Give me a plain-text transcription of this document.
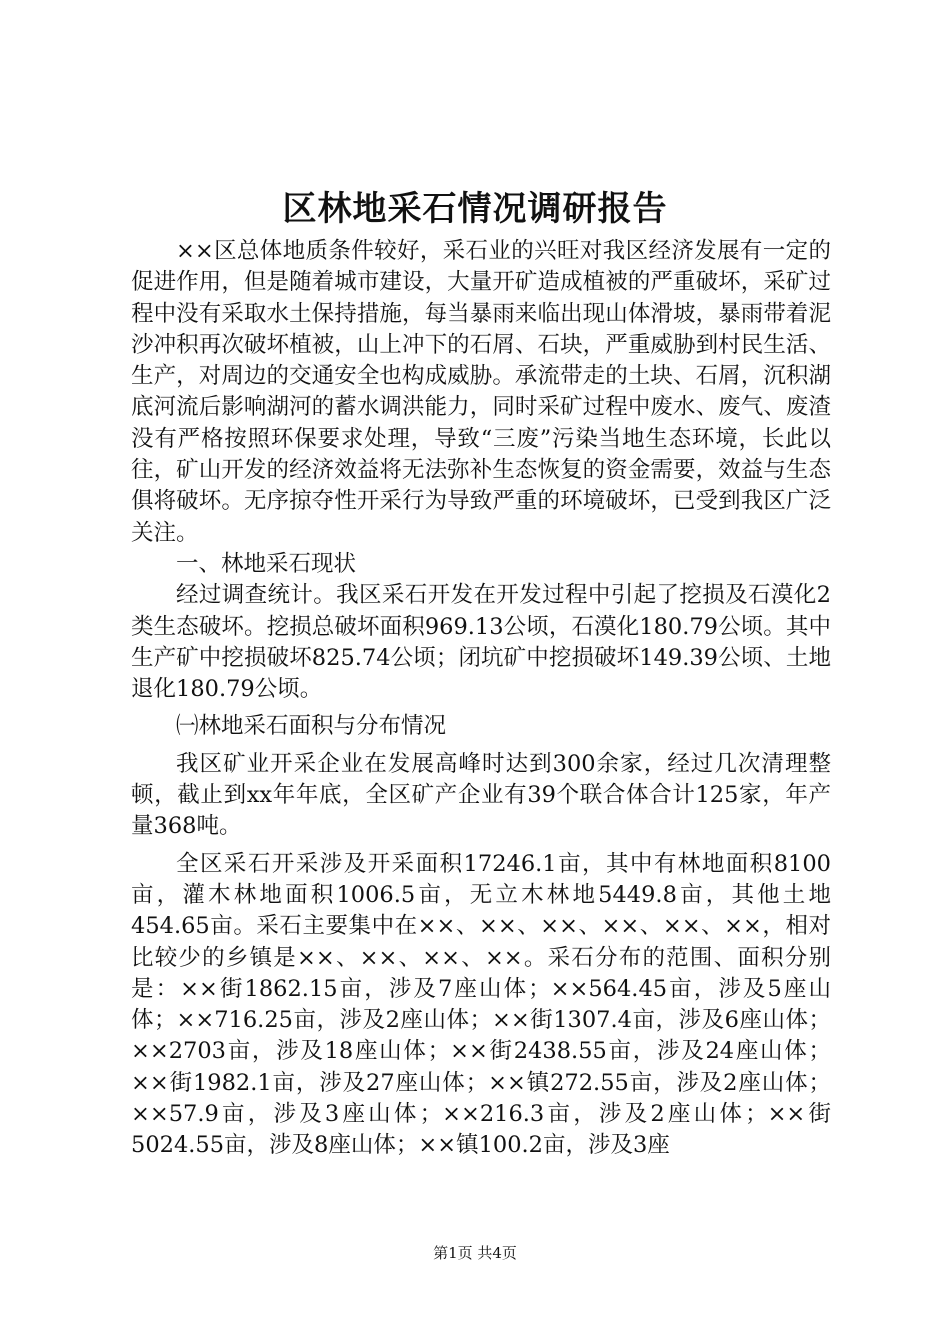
区林地采石情况调研报告

××区总体地质条件较好，采石业的兴旺对我区经济发展有一定的促进作用，但是随着城市建设，大量开矿造成植被的严重破坏，采矿过程中没有采取水土保持措施，每当暴雨来临出现山体滑坡，暴雨带着泥沙冲积再次破坏植被，山上冲下的石屑、石块，严重威胁到村民生活、生产，对周边的交通安全也构成威胁。承流带走的土块、石屑，沉积湖底河流后影响湖河的蓄水调洪能力，同时采矿过程中废水、废气、废渣没有严格按照环保要求处理，导致“三废”污染当地生态环境，长此以往，矿山开发的经济效益将无法弥补生态恢复的资金需要，效益与生态俱将破坏。无序掠夺性开采行为导致严重的环境破坏，已受到我区广泛关注。

一、林地采石现状

经过调查统计。我区采石开发在开发过程中引起了挖损及石漠化2类生态破坏。挖损总破坏面积969.13公顷，石漠化180.79公顷。其中生产矿中挖损破坏825.74公顷；闭坑矿中挖损破坏149.39公顷、土地退化180.79公顷。

㈠林地采石面积与分布情况

我区矿业开采企业在发展高峰时达到300余家，经过几次清理整顿，截止到xx年年底，全区矿产企业有39个联合体合计125家，年产量368吨。

全区采石开采涉及开采面积17246.1亩，其中有林地面积8100亩，灌木林地面积1006.5亩，无立木林地5449.8亩，其他土地454.65亩。采石主要集中在××、××、××、××、××、××，相对比较少的乡镇是××、××、××、××。采石分布的范围、面积分别是：××街1862.15亩，涉及7座山体；××564.45亩，涉及5座山体；××716.25亩，涉及2座山体；××街1307.4亩，涉及6座山体；××2703亩，涉及18座山体；××街2438.55亩，涉及24座山体；××街1982.1亩，涉及27座山体；××镇272.55亩，涉及2座山体；××57.9亩，涉及3座山体；××216.3亩，涉及2座山体；××街5024.55亩，涉及8座山体；××镇100.2亩，涉及3座

第1页 共4页
